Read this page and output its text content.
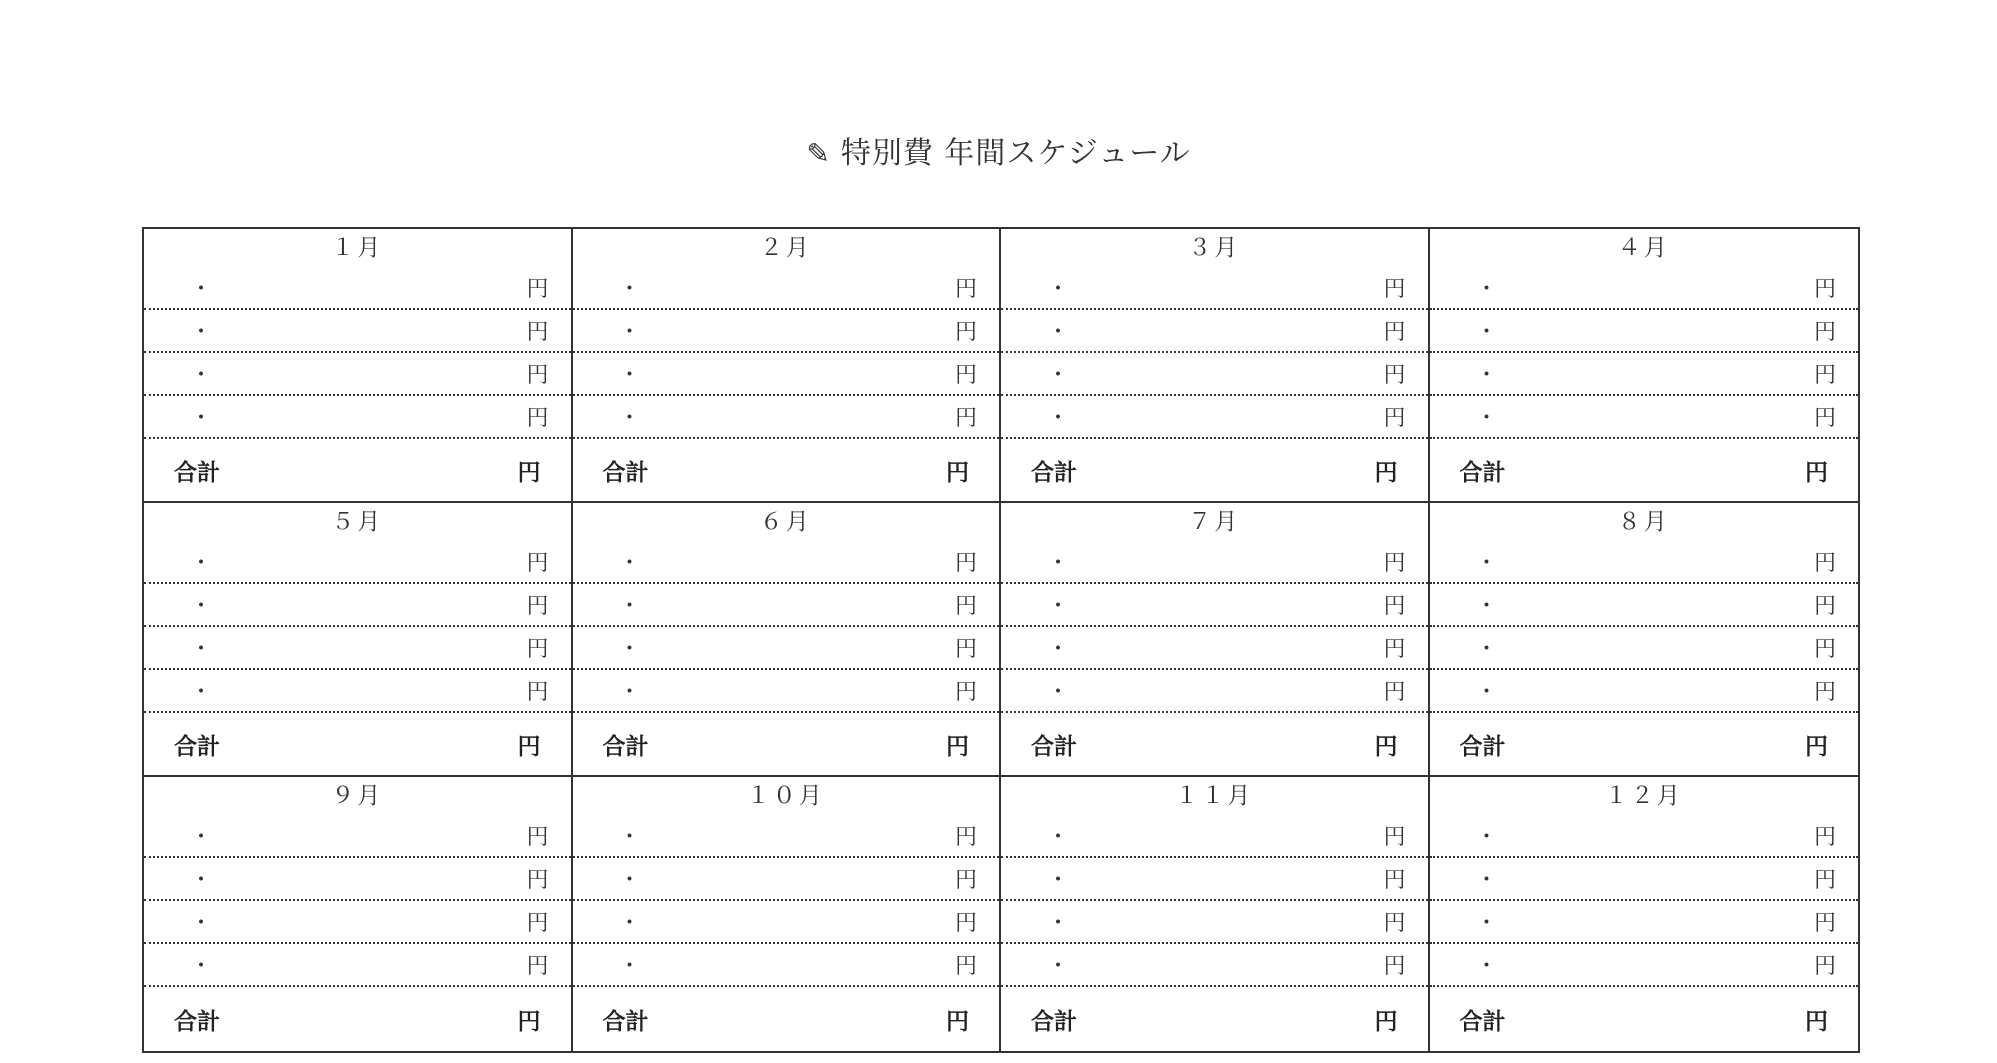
✎ 特別費 年間スケジュール
１月
・	円
・	円
・	円
・	円
合計	円
２月
・	円
・	円
・	円
・	円
合計	円
３月
・	円
・	円
・	円
・	円
合計	円
４月
・	円
・	円
・	円
・	円
合計	円
５月
・	円
・	円
・	円
・	円
合計	円
６月
・	円
・	円
・	円
・	円
合計	円
７月
・	円
・	円
・	円
・	円
合計	円
８月
・	円
・	円
・	円
・	円
合計	円
９月
・	円
・	円
・	円
・	円
合計	円
１０月
・	円
・	円
・	円
・	円
合計	円
１１月
・	円
・	円
・	円
・	円
合計	円
１２月
・	円
・	円
・	円
・	円
合計	円
